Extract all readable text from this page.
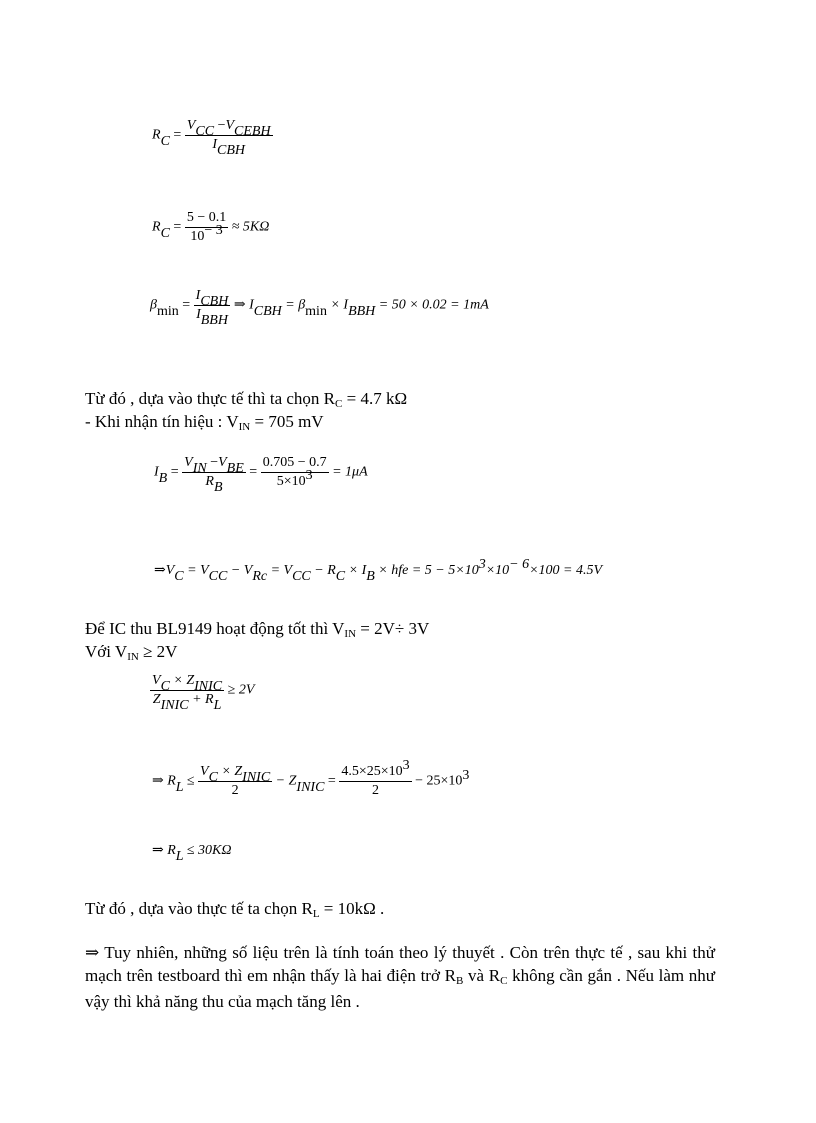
RC = $\frac{\text{VCC −VCEBH}}{\text{ICBH}}$
RC = $\frac{5 - 0.1}{10- 3} \approx 5K\Omega$
$\beta\min = \frac{\text{ICBH}}{\text{IBBH}}$ ⇒ ICBH = βmin × IBBH = 50 × 0.02 = 1mA
Từ đó , dựa vào thực tế thì ta chọn RC = 4.7 kΩ
- Khi nhận tín hiệu : VIN = 705 mV
IB = $\frac{\text{VIN −VBE}}{RB} = \frac{0.705 - 0.7}{5\times 103} = 1\mu A$
⇒VC = VCC − VRc = VCC − RC × IB × hfe = 5 − 5×103×10− 6×100 = 4.5V
Để IC thu BL9149 hoạt động tốt thì VIN = 2V÷ 3V
Với VIN ≥ 2V
$\frac{\text{VC × ZINIC}}{\text{ZINIC + RL}} \ge 2V$
⇒ RL ≤ $\frac{\text{VC × ZINIC}}{2}$ − ZINIC = $\frac{4.5\times 25\times 103}{2} - 25\times 103$
⇒ RL ≤ 30KΩ
Từ đó , dựa vào thực tế ta chọn RL = 10kΩ .
⇒ Tuy nhiên, những số liệu trên là tính toán theo lý thuyết . Còn trên thực tế , sau khi thử mạch trên testboard thì em nhận thấy là hai điện trở RB và RC không cần gắn . Nếu làm như vậy thì khả năng thu của mạch tăng lên .
